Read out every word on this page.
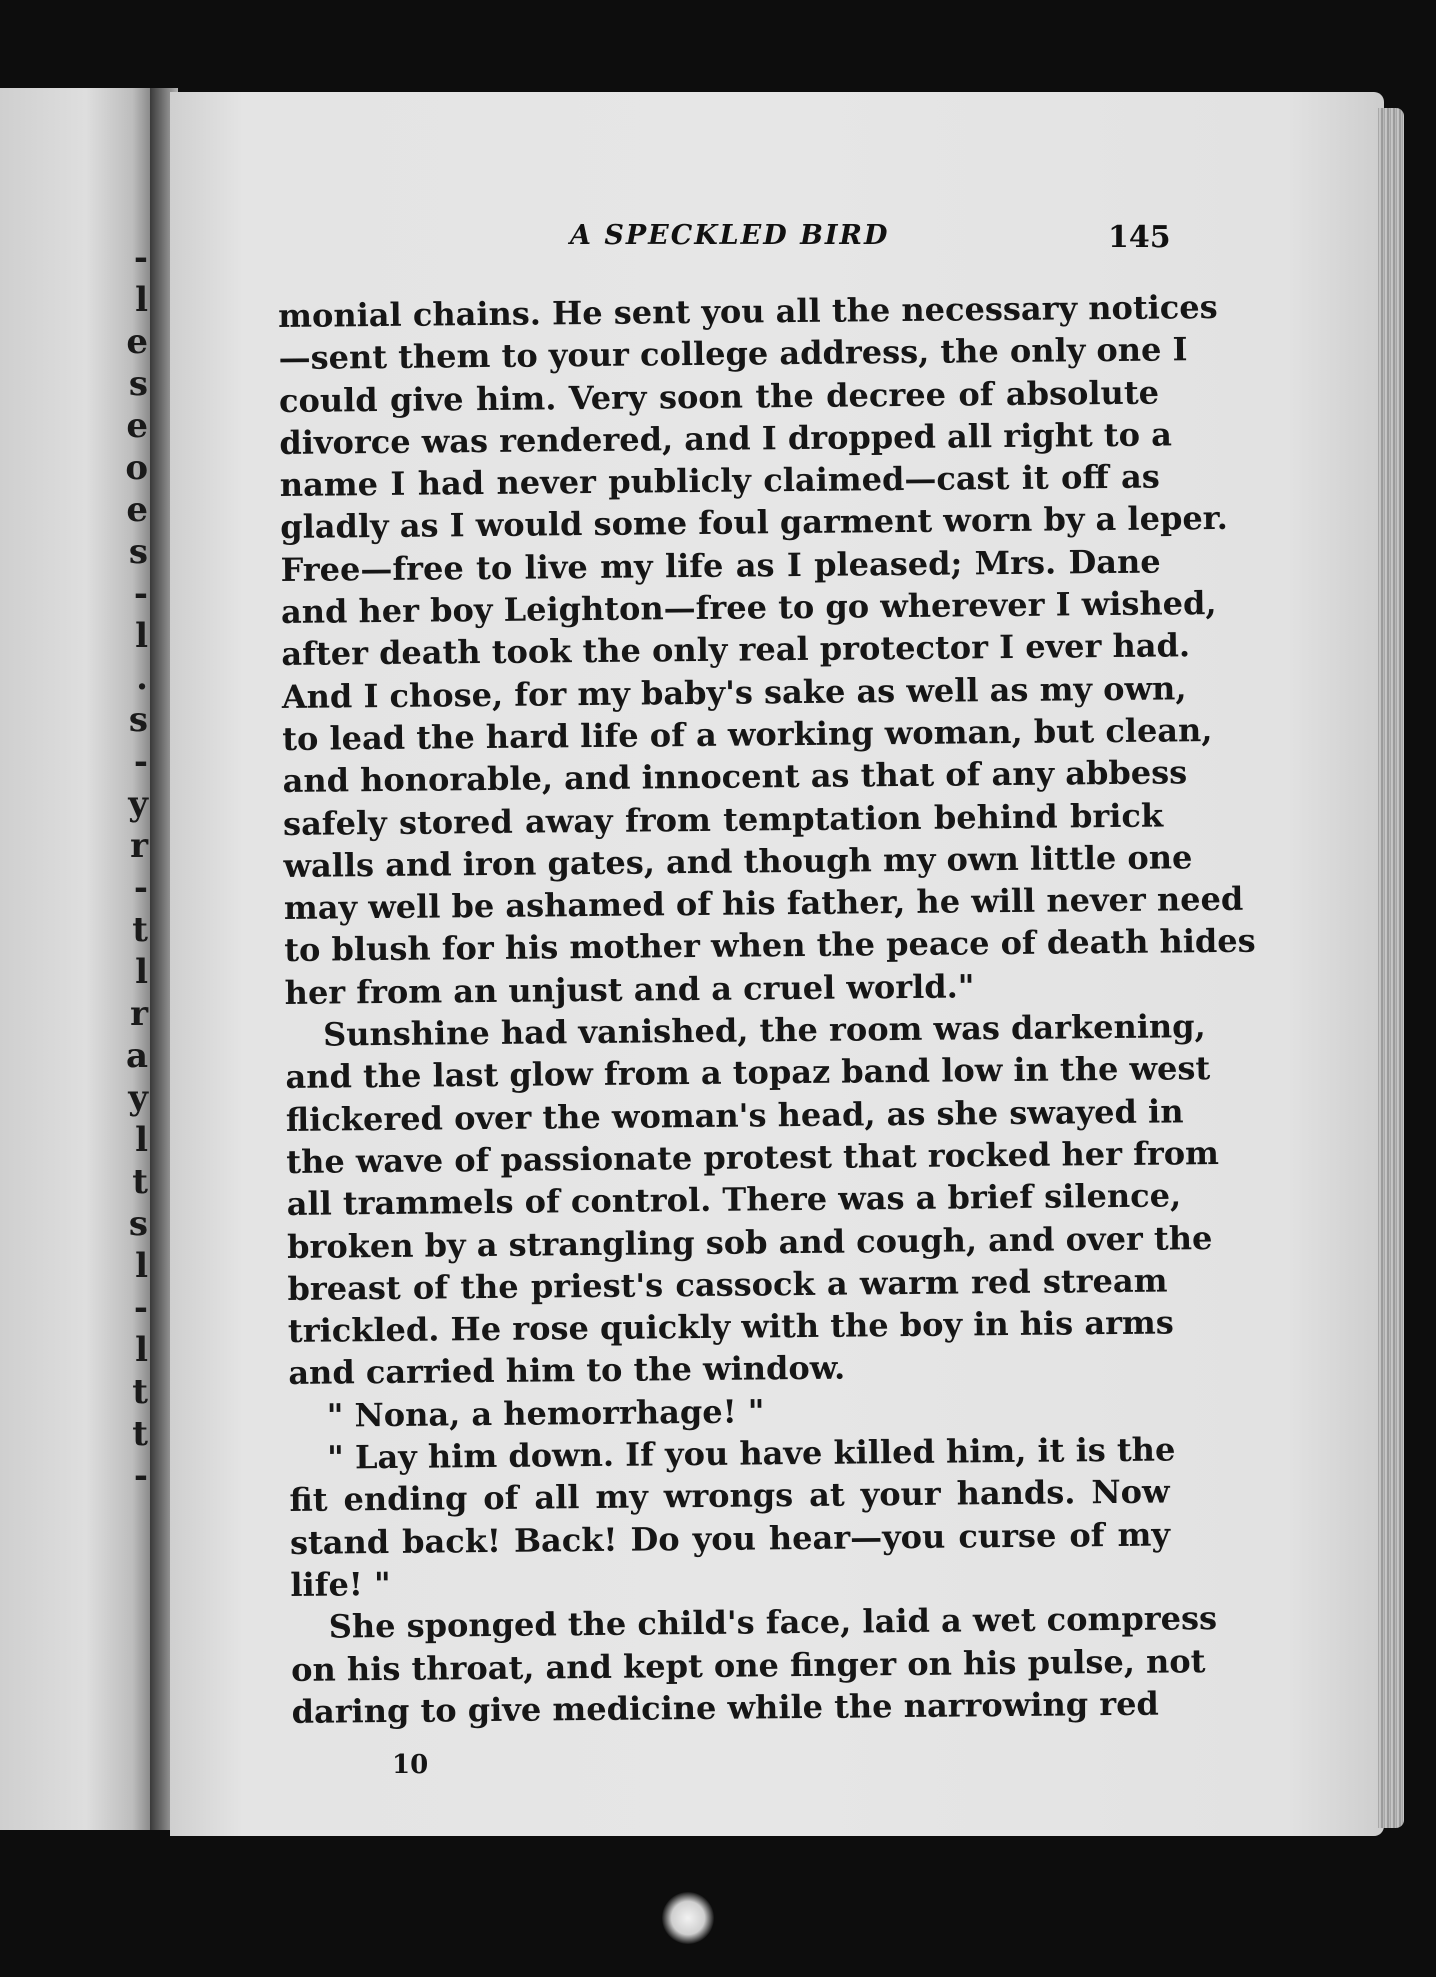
-
l
e
s
e
o
e
s
-
l
.
s
-
y
r
-
t
l
r
a
y
l
t
s
l
-
l
t
t
-
A SPECKLED BIRD	145
monial chains. He sent you all the necessary notices
—sent them to your college address, the only one I
could give him. Very soon the decree of absolute
divorce was rendered, and I dropped all right to a
name I had never publicly claimed—cast it off as
gladly as I would some foul garment worn by a leper.
Free—free to live my life as I pleased; Mrs. Dane
and her boy Leighton—free to go wherever I wished,
after death took the only real protector I ever had.
And I chose, for my baby's sake as well as my own,
to lead the hard life of a working woman, but clean,
and honorable, and innocent as that of any abbess
safely stored away from temptation behind brick
walls and iron gates, and though my own little one
may well be ashamed of his father, he will never need
to blush for his mother when the peace of death hides
her from an unjust and a cruel world."
Sunshine had vanished, the room was darkening,
and the last glow from a topaz band low in the west
flickered over the woman's head, as she swayed in
the wave of passionate protest that rocked her from
all trammels of control. There was a brief silence,
broken by a strangling sob and cough, and over the
breast of the priest's cassock a warm red stream
trickled. He rose quickly with the boy in his arms
and carried him to the window.
" Nona, a hemorrhage! "
" Lay him down. If you have killed him, it is the
fit ending of all my wrongs at your hands. Now
stand back! Back! Do you hear—you curse of my
life! "
She sponged the child's face, laid a wet compress
on his throat, and kept one finger on his pulse, not
daring to give medicine while the narrowing red
10
